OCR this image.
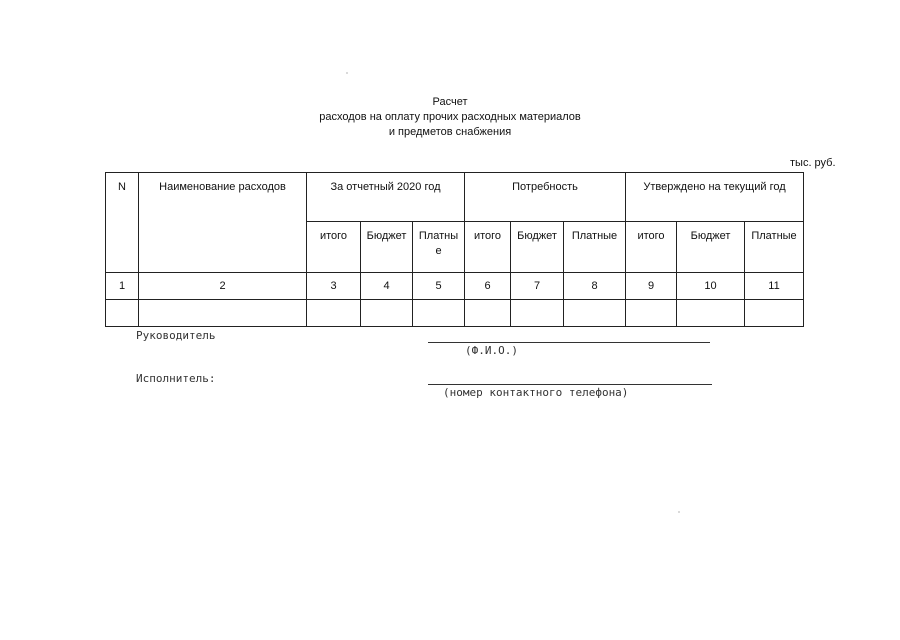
Расчет
расходов на оплату прочих расходных материалов
и предметов снабжения
тыс. руб.
N	Наименование расходов	За отчетный 2020 год			Потребность			Утверждено на текущий год		
		итого	Бюджет	Платны е	итого	Бюджет	Платные	итого	Бюджет	Платные
1	2	3	4	5	6	7	8	9	10	11

Руководитель
(Ф.И.О.)
Исполнитель:
(номер контактного телефона)
